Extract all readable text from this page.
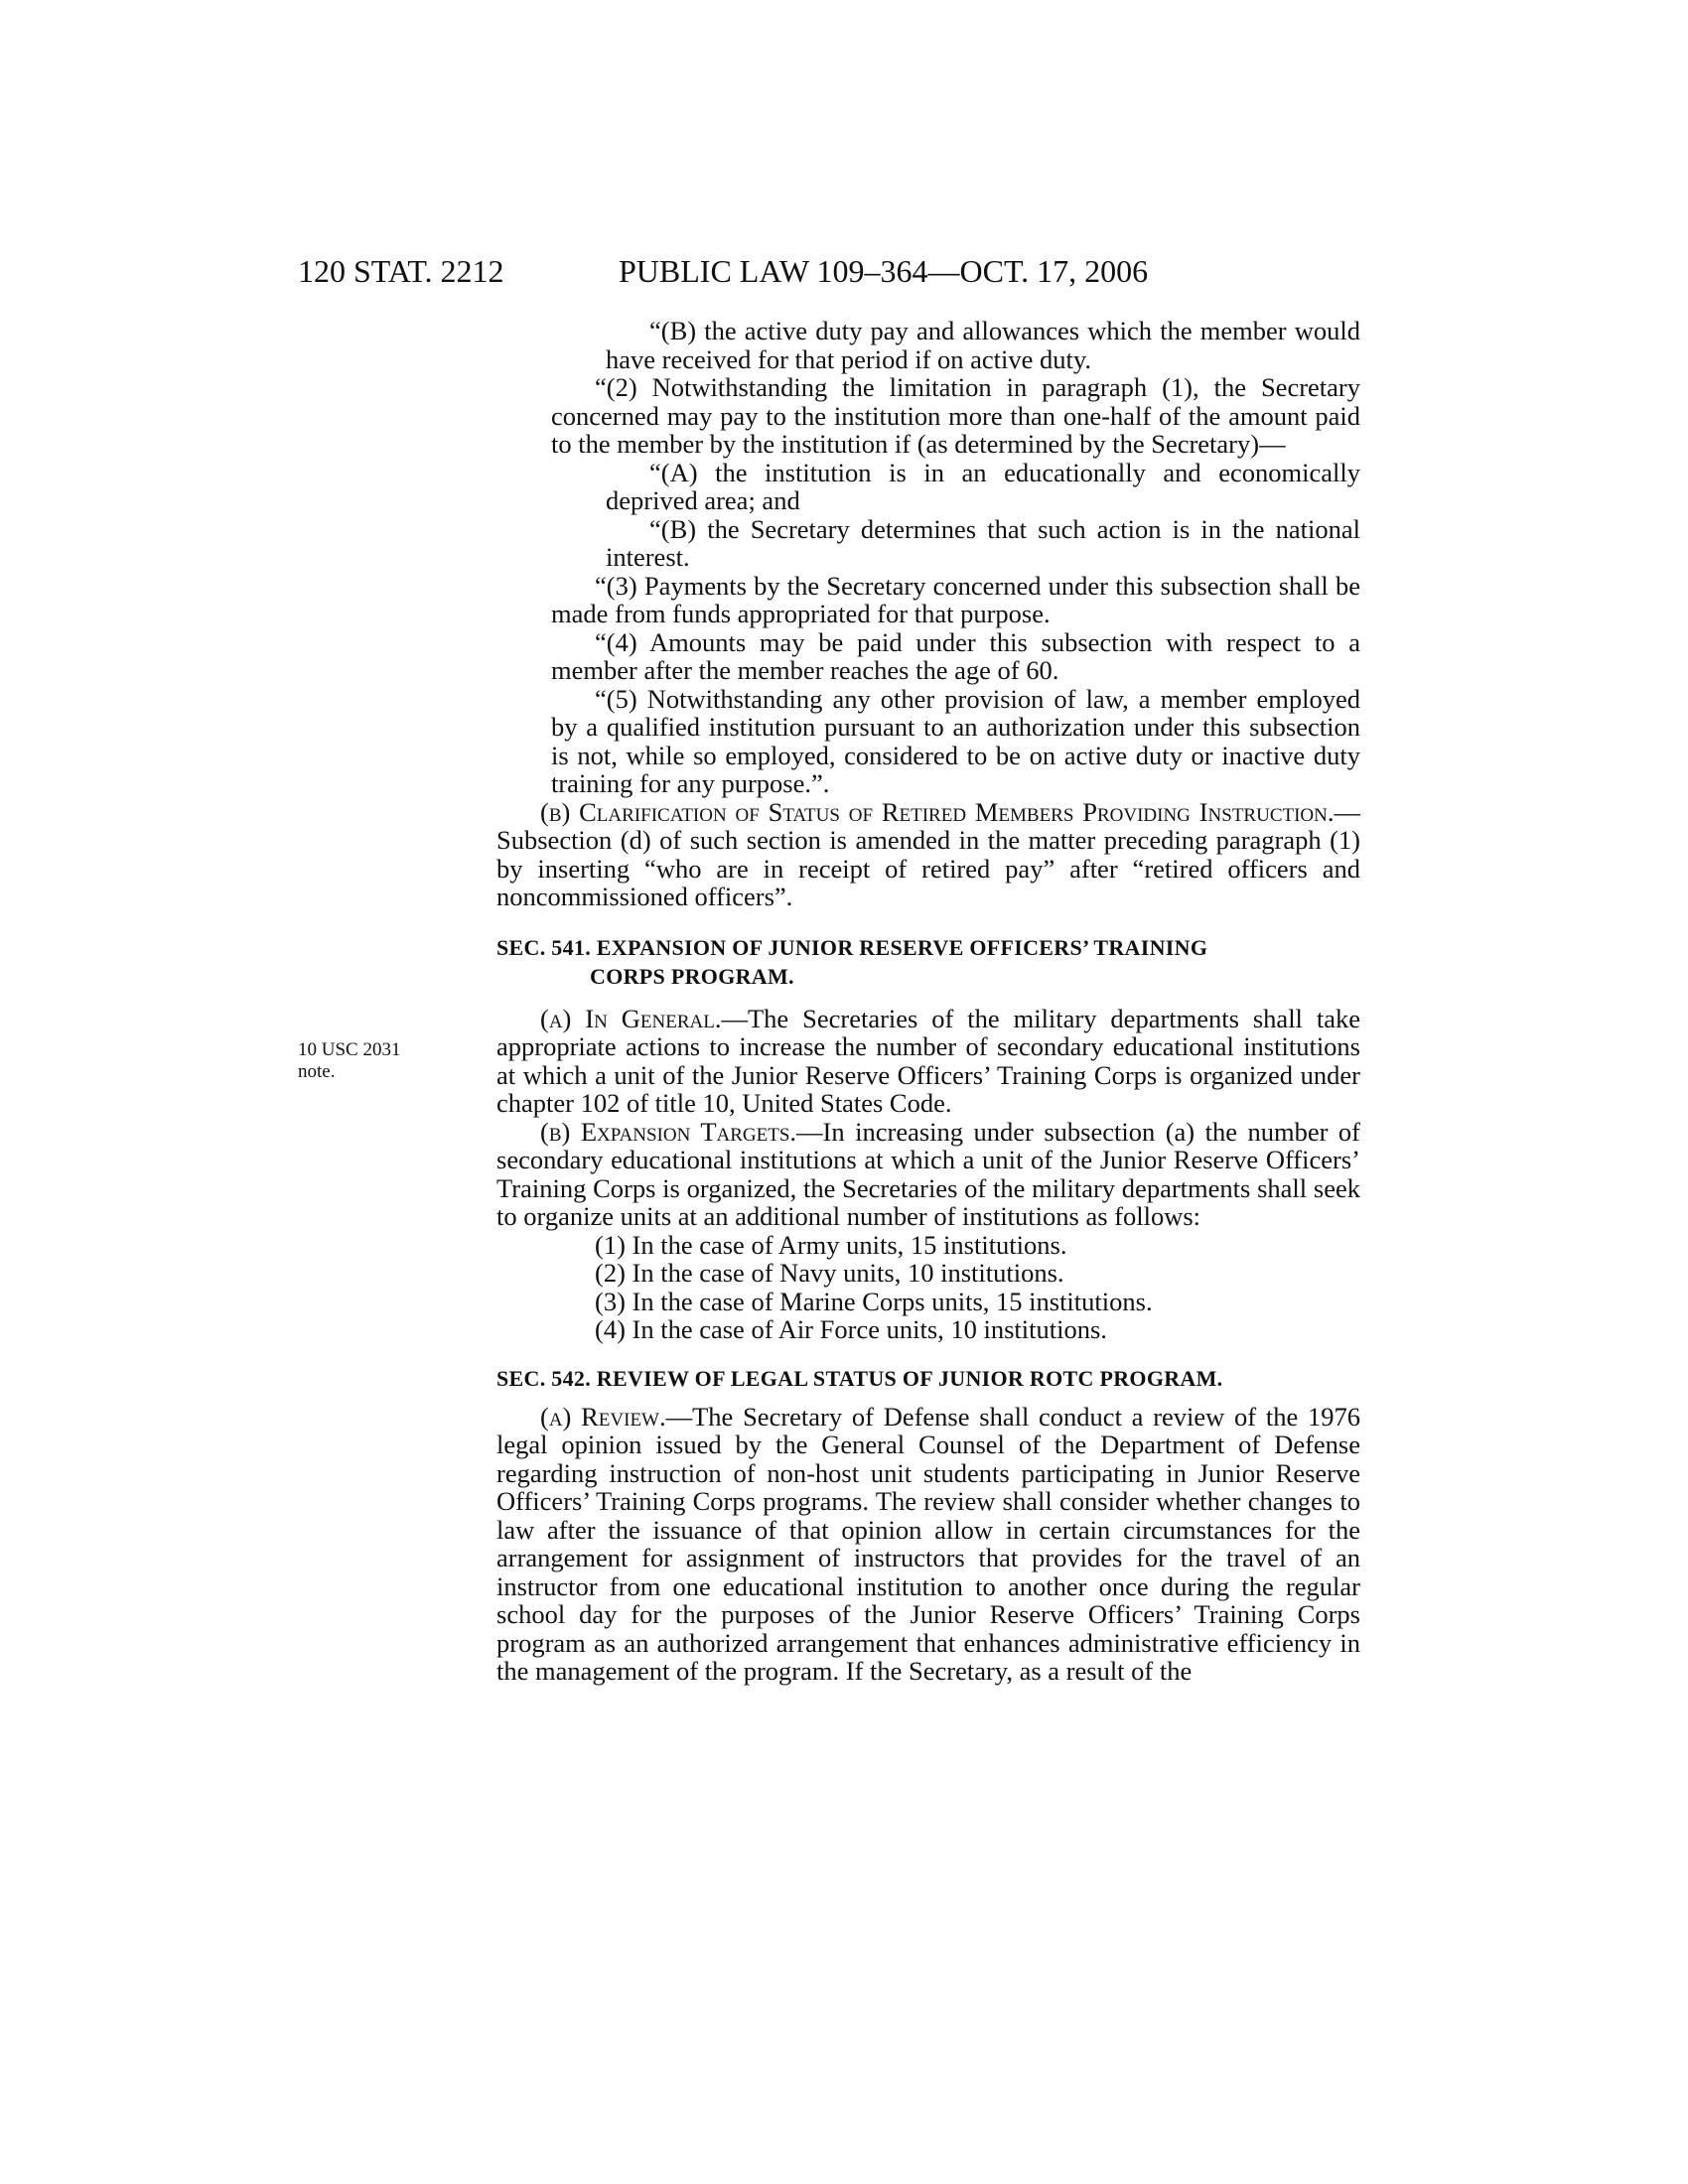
120 STAT. 2212	PUBLIC LAW 109–364—OCT. 17, 2006
10 USC 2031
note.

“(B) the active duty pay and allowances which the member would have received for that period if on active duty.

“(2) Notwithstanding the limitation in paragraph (1), the Secretary concerned may pay to the institution more than one-half of the amount paid to the member by the institution if (as determined by the Secretary)—

“(A) the institution is in an educationally and economically deprived area; and

“(B) the Secretary determines that such action is in the national interest.

“(3) Payments by the Secretary concerned under this subsection shall be made from funds appropriated for that purpose.

“(4) Amounts may be paid under this subsection with respect to a member after the member reaches the age of 60.

“(5) Notwithstanding any other provision of law, a member employed by a qualified institution pursuant to an authorization under this subsection is not, while so employed, considered to be on active duty or inactive duty training for any purpose.”.

(b) Clarification of Status of Retired Members Providing Instruction.—Subsection (d) of such section is amended in the matter preceding paragraph (1) by inserting “who are in receipt of retired pay” after “retired officers and noncommissioned officers”.

SEC. 541. EXPANSION OF JUNIOR RESERVE OFFICERS’ TRAINING
CORPS PROGRAM.

(a) In General.—The Secretaries of the military departments shall take appropriate actions to increase the number of secondary educational institutions at which a unit of the Junior Reserve Officers’ Training Corps is organized under chapter 102 of title 10, United States Code.

(b) Expansion Targets.—In increasing under subsection (a) the number of secondary educational institutions at which a unit of the Junior Reserve Officers’ Training Corps is organized, the Secretaries of the military departments shall seek to organize units at an additional number of institutions as follows:

(1) In the case of Army units, 15 institutions.

(2) In the case of Navy units, 10 institutions.

(3) In the case of Marine Corps units, 15 institutions.

(4) In the case of Air Force units, 10 institutions.

SEC. 542. REVIEW OF LEGAL STATUS OF JUNIOR ROTC PROGRAM.

(a) Review.—The Secretary of Defense shall conduct a review of the 1976 legal opinion issued by the General Counsel of the Department of Defense regarding instruction of non-host unit students participating in Junior Reserve Officers’ Training Corps programs. The review shall consider whether changes to law after the issuance of that opinion allow in certain circumstances for the arrangement for assignment of instructors that provides for the travel of an instructor from one educational institution to another once during the regular school day for the purposes of the Junior Reserve Officers’ Training Corps program as an authorized arrangement that enhances administrative efficiency in the management of the program. If the Secretary, as a result of the
